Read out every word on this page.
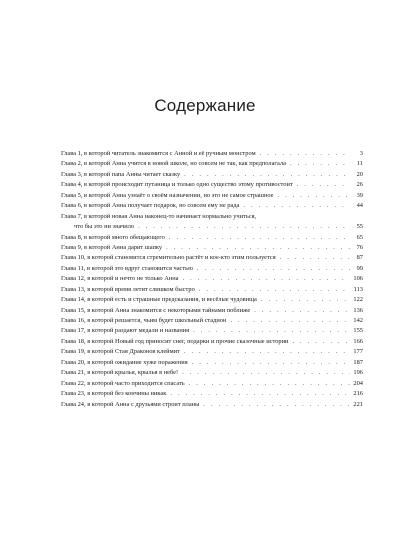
Содержание
Глава 1, в которой читатель знакомится с Анной и её ручным монстром . . .	3
Глава 2, в которой Анна учится в новой школе, но совсем не так, как предполагала . . .	11
Глава 3, в которой папа Анны читает сказку . . .	20
Глава 4, в которой происходит путаница и только одно существо этому противостоит . . .	26
Глава 5, в которой Анна узнаёт о своём назначении, но это не самое страшное . . .	39
Глава 6, в которой Анна получает подарок, но совсем ему не рада . . .	44
Глава 7, в которой новая Анна наконец-то начинает нормально учиться,
что бы это ни значило . . .	55
Глава 8, в которой много обещающего . . .	65
Глава 9, в которой Анна дарит шапку . . .	76
Глава 10, в которой становится стремительно растёт и кое-кто этим пользуется . . .	87
Глава 11, в которой это вдруг становится частью . . .	99
Глава 12, в которой и нечто не только Анна . . .	106
Глава 13, в которой время летит слишком быстро . . .	113
Глава 14, в которой есть и страшные предсказания, и весёлые чудовища . . .	122
Глава 15, в которой Анна знакомится с некоторыми тайнами поближе . . .	136
Глава 16, в которой решается, чьим будет школьный стадион . . .	142
Глава 17, в которой раздают медали и названия . . .	155
Глава 18, в которой Новый год приносит снег, подарки и прочие сказочные истории . . .	166
Глава 19, в которой Стая Драконов клеймит . . .	177
Глава 20, в которой ожидание хуже поражения . . .	187
Глава 21, в которой крылья, крылья в небе! . . .	196
Глава 22, в которой часто приходится спасать . . .	204
Глава 23, в которой без кончины никак . . .	216
Глава 24, в которой Анна с друзьями строит планы . . .	221
